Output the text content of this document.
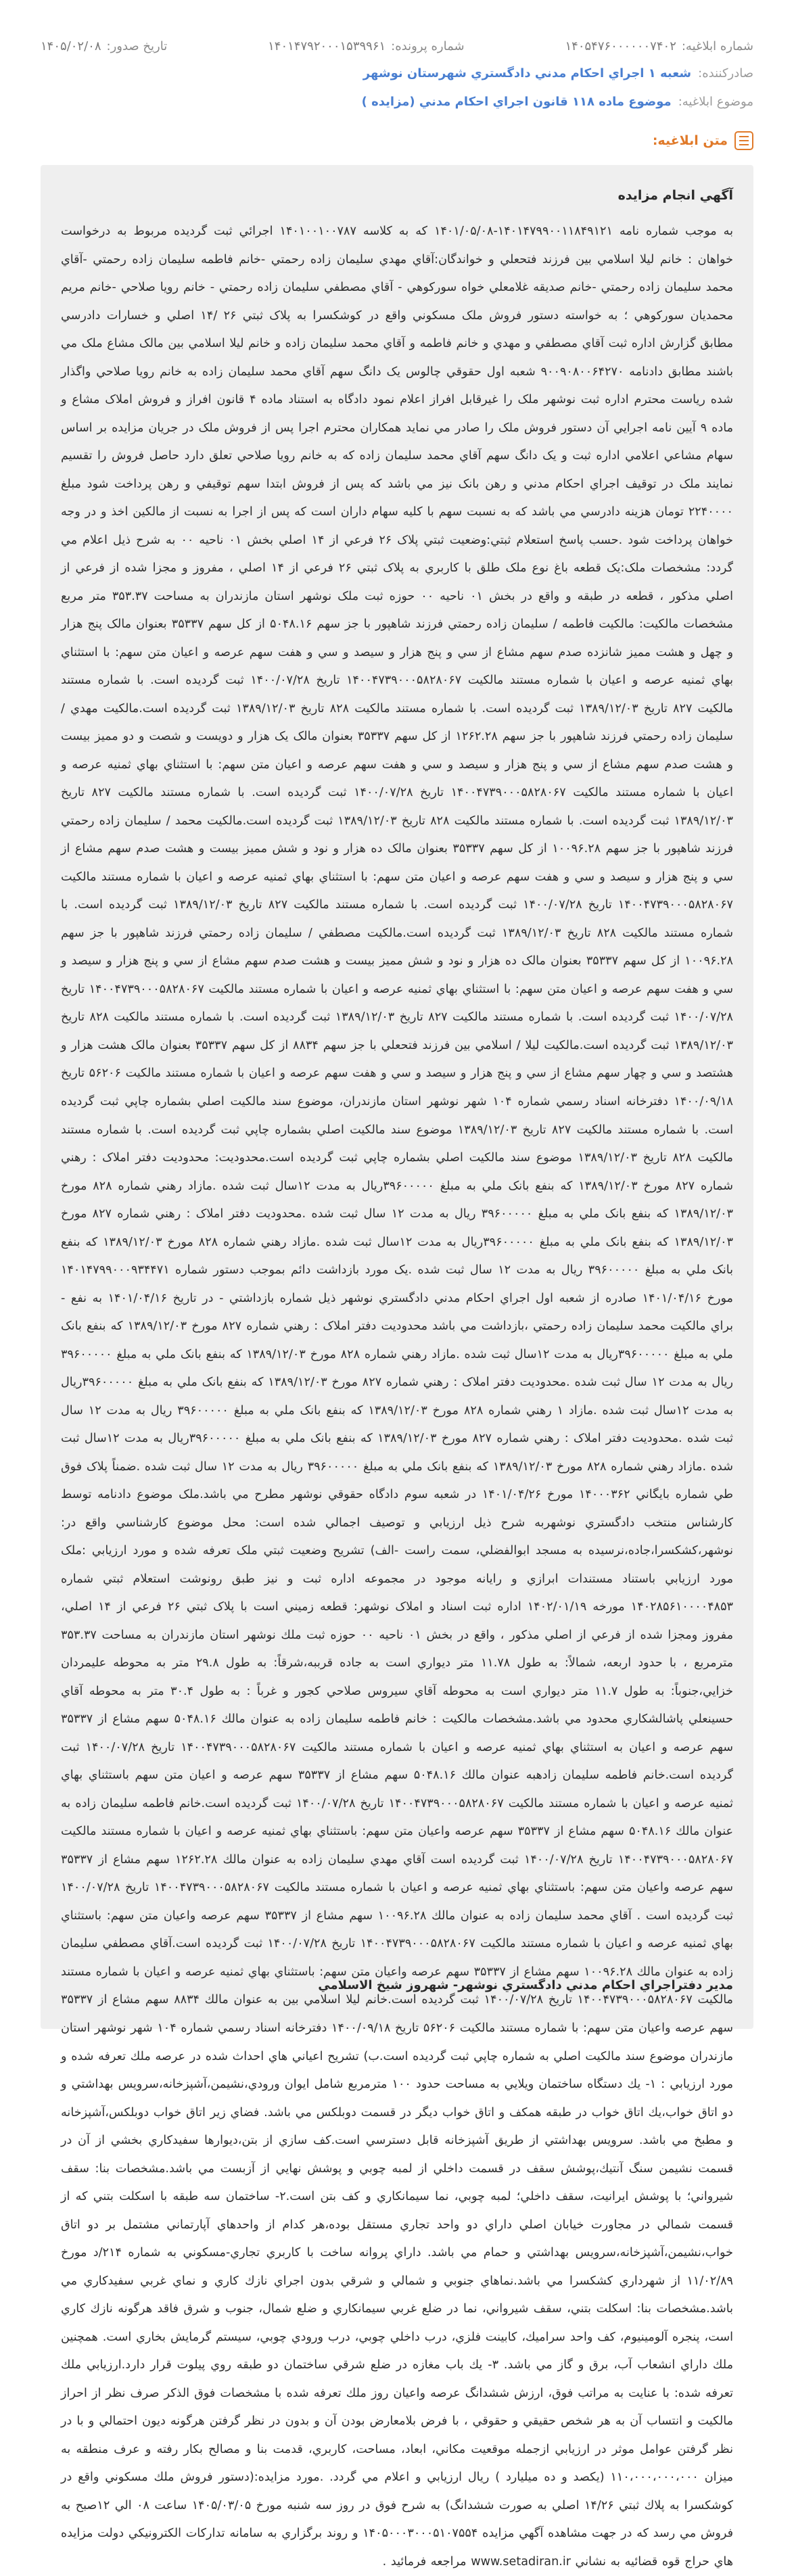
شماره ابلاغيه:
۱۴۰۵۴۷۶۰۰۰۰۰۰۷۴۰۲
شماره پرونده:
۱۴۰۱۴۷۹۲۰۰۰۱۵۳۹۹۶۱
تاريخ صدور:
۱۴۰۵/۰۲/۰۸
صادرکننده:
شعبه ۱ اجراي احكام مدني دادگستري شهرستان نوشهر
موضوع ابلاغيه:
موضوع ماده ۱۱۸ قانون اجراي احكام مدني (مزايده )
متن ابلاغيه:
آگهي انجام مزايده
به موجب شماره نامه ۱۴۰۱۴۷۹۹۰۰۱۱۸۴۹۱۲۱-۱۴۰۱/۰۵/۰۸ كه به كلاسه ۱۴۰۱۰۰۱۰۰۷۸۷ اجرائي ثبت گرديده مربوط به درخواست خواهان : خانم ليلا اسلامي بين فرزند فتحعلي و خواندگان:آقاي مهدي سليمان زاده رحمتي -خانم فاطمه سليمان زاده رحمتي -آقاي محمد سليمان زاده رحمتي -خانم صديقه غلامعلي خواه سورکوهي - آقاي مصطفي سليمان زاده رحمتي - خانم رويا صلاحي -خانم مريم محمديان سورکوهي ؛ به خواسته دستور فروش ملک مسکوني واقع در کوشکسرا به پلاک ثبتي ۲۶ /۱۴ اصلي و خسارات دادرسي مطابق گزارش اداره ثبت آقاي مصطفي و مهدي و خانم فاطمه و آقاي محمد سليمان زاده و خانم ليلا اسلامي بين مالک مشاع ملک مي باشند مطابق دادنامه ۹۰۰۹۰۸۰۰۶۴۲۷۰ شعبه اول حقوقي چالوس يک دانگ سهم آقاي محمد سليمان زاده به خانم رويا صلاحي واگذار شده رياست محترم اداره ثبت نوشهر ملک را غيرقابل افراز اعلام نمود دادگاه به استناد ماده ۴ قانون افراز و فروش املاک مشاع و ماده ۹ آيين نامه اجرايي آن دستور فروش ملک را صادر مي نمايد همکاران محترم اجرا پس از فروش ملک در جريان مزايده بر اساس سهام مشاعي اعلامي اداره ثبت و يک دانگ سهم آقاي محمد سليمان زاده که به خانم رويا صلاحي تعلق دارد حاصل فروش را تقسيم نمايند ملک در توقيف اجراي احکام مدني و رهن بانک نيز مي باشد که پس از فروش ابتدا سهم توقيفي و رهن پرداخت شود مبلغ ۲۲۴۰۰۰۰ تومان هزينه دادرسي مي باشد که به نسبت سهم با کليه سهام داران است که پس از اجرا به نسبت از مالکين اخذ و در وجه خواهان پرداخت شود .حسب پاسخ استعلام ثبتي:وضعيت ثبتي پلاک ۲۶ فرعي از ۱۴ اصلي بخش ۰۱ ناحيه ۰۰ به شرح ذيل اعلام مي گردد: مشخصات ملک:يک قطعه باغ نوع ملک طلق با کاربري به پلاک ثبتي ۲۶ فرعي از ۱۴ اصلي ، مفروز و مجزا شده از فرعي از اصلي مذکور ، قطعه در طبقه و واقع در بخش ۰۱ ناحيه ۰۰ حوزه ثبت ملک نوشهر استان مازندران به مساحت ۳۵۳.۳۷ متر مربع مشخصات مالکيت: مالکيت فاطمه / سليمان زاده رحمتي فرزند شاهپور با جز سهم ۵۰۴۸.۱۶ از کل سهم ۳۵۳۳۷ بعنوان مالک پنج هزار و چهل و هشت مميز شانزده صدم سهم مشاع از سي و پنج هزار و سيصد و سي و هفت سهم عرصه و اعيان متن سهم: با استثناي بهاي ثمنيه عرصه و اعيان با شماره مستند مالکيت ۱۴۰۰۴۷۳۹۰۰۰۵۸۲۸۰۶۷ تاريخ ۱۴۰۰/۰۷/۲۸ ثبت گرديده است. با شماره مستند مالکيت ۸۲۷ تاريخ ۱۳۸۹/۱۲/۰۳ ثبت گرديده است. با شماره مستند مالکيت ۸۲۸ تاريخ ۱۳۸۹/۱۲/۰۳ ثبت گرديده است.مالکيت مهدي / سليمان زاده رحمتي فرزند شاهپور با جز سهم ۱۲۶۲.۲۸ از کل سهم ۳۵۳۳۷ بعنوان مالک يک هزار و دويست و شصت و دو مميز بيست و هشت صدم سهم مشاع از سي و پنج هزار و سيصد و سي و هفت سهم عرصه و اعيان متن سهم: با استثناي بهاي ثمنيه عرصه و اعيان با شماره مستند مالکيت ۱۴۰۰۴۷۳۹۰۰۰۵۸۲۸۰۶۷ تاريخ ۱۴۰۰/۰۷/۲۸ ثبت گرديده است. با شماره مستند مالکيت ۸۲۷ تاريخ ۱۳۸۹/۱۲/۰۳ ثبت گرديده است. با شماره مستند مالکيت ۸۲۸ تاريخ ۱۳۸۹/۱۲/۰۳ ثبت گرديده است.مالکيت محمد / سليمان زاده رحمتي فرزند شاهپور با جز سهم ۱۰۰۹۶.۲۸ از کل سهم ۳۵۳۳۷ بعنوان مالک ده هزار و نود و شش مميز بيست و هشت صدم سهم مشاع از سي و پنج هزار و سيصد و سي و هفت سهم عرصه و اعيان متن سهم: با استثناي بهاي ثمنيه عرصه و اعيان با شماره مستند مالکيت ۱۴۰۰۴۷۳۹۰۰۰۵۸۲۸۰۶۷ تاريخ ۱۴۰۰/۰۷/۲۸ ثبت گرديده است. با شماره مستند مالکيت ۸۲۷ تاريخ ۱۳۸۹/۱۲/۰۳ ثبت گرديده است. با شماره مستند مالکيت ۸۲۸ تاريخ ۱۳۸۹/۱۲/۰۳ ثبت گرديده است.مالکيت مصطفي / سليمان زاده رحمتي فرزند شاهپور با جز سهم ۱۰۰۹۶.۲۸ از کل سهم ۳۵۳۳۷ بعنوان مالک ده هزار و نود و شش مميز بيست و هشت صدم سهم مشاع از سي و پنج هزار و سيصد و سي و هفت سهم عرصه و اعيان متن سهم: با استثناي بهاي ثمنيه عرصه و اعيان با شماره مستند مالکيت ۱۴۰۰۴۷۳۹۰۰۰۵۸۲۸۰۶۷ تاريخ ۱۴۰۰/۰۷/۲۸ ثبت گرديده است. با شماره مستند مالکيت ۸۲۷ تاريخ ۱۳۸۹/۱۲/۰۳ ثبت گرديده است. با شماره مستند مالکيت ۸۲۸ تاريخ ۱۳۸۹/۱۲/۰۳ ثبت گرديده است.مالکيت ليلا / اسلامي بين فرزند فتحعلي با جز سهم ۸۸۳۴ از کل سهم ۳۵۳۳۷ بعنوان مالک هشت هزار و هشتصد و سي و چهار سهم مشاع از سي و پنج هزار و سيصد و سي و هفت سهم عرصه و اعيان با شماره مستند مالکيت ۵۶۲۰۶ تاريخ ۱۴۰۰/۰۹/۱۸ دفترخانه اسناد رسمي شماره ۱۰۴ شهر نوشهر استان مازندران، موضوع سند مالکيت اصلي بشماره چاپي ثبت گرديده است. با شماره مستند مالکيت ۸۲۷ تاريخ ۱۳۸۹/۱۲/۰۳ موضوع سند مالکيت اصلي بشماره چاپي ثبت گرديده است. با شماره مستند مالکيت ۸۲۸ تاريخ ۱۳۸۹/۱۲/۰۳ موضوع سند مالکيت اصلي بشماره چاپي ثبت گرديده است.محدوديت: محدوديت دفتر املاک : رهني شماره ۸۲۷ مورخ ۱۳۸۹/۱۲/۰۳ که بنفع بانک ملي به مبلغ ۳۹۶۰۰۰۰۰ريال به مدت ۱۲سال ثبت شده .مازاد رهني شماره ۸۲۸ مورخ ۱۳۸۹/۱۲/۰۳ که بنفع بانک ملي به مبلغ ۳۹۶۰۰۰۰۰ ريال به مدت ۱۲ سال ثبت شده .محدوديت دفتر املاک : رهني شماره ۸۲۷ مورخ ۱۳۸۹/۱۲/۰۳ که بنفع بانک ملي به مبلغ ۳۹۶۰۰۰۰۰ريال به مدت ۱۲سال ثبت شده .مازاد رهني شماره ۸۲۸ مورخ ۱۳۸۹/۱۲/۰۳ که بنفع بانک ملي به مبلغ ۳۹۶۰۰۰۰۰ ريال به مدت ۱۲ سال ثبت شده .يک مورد بازداشت دائم بموجب دستور شماره ۱۴۰۱۴۷۹۹۰۰۰۹۳۴۴۷۱ مورخ ۱۴۰۱/۰۴/۱۶ صادره از شعبه اول اجراي احکام مدني دادگستري نوشهر ذيل شماره بازداشتي - در تاريخ ۱۴۰۱/۰۴/۱۶ به نفع - براي مالکيت محمد سليمان زاده رحمتي ،بازداشت مي باشد محدوديت دفتر املاک : رهني شماره ۸۲۷ مورخ ۱۳۸۹/۱۲/۰۳ که بنفع بانک ملي به مبلغ ۳۹۶۰۰۰۰۰ريال به مدت ۱۲سال ثبت شده .مازاد رهني شماره ۸۲۸ مورخ ۱۳۸۹/۱۲/۰۳ که بنفع بانک ملي به مبلغ ۳۹۶۰۰۰۰۰ ريال به مدت ۱۲ سال ثبت شده .محدوديت دفتر املاک : رهني شماره ۸۲۷ مورخ ۱۳۸۹/۱۲/۰۳ که بنفع بانک ملي به مبلغ ۳۹۶۰۰۰۰۰ريال به مدت ۱۲سال ثبت شده .مازاد ۱ رهني شماره ۸۲۸ مورخ ۱۳۸۹/۱۲/۰۳ که بنفع بانک ملي به مبلغ ۳۹۶۰۰۰۰۰ ريال به مدت ۱۲ سال ثبت شده .محدوديت دفتر املاک : رهني شماره ۸۲۷ مورخ ۱۳۸۹/۱۲/۰۳ که بنفع بانک ملي به مبلغ ۳۹۶۰۰۰۰۰ريال به مدت ۱۲سال ثبت شده .مازاد رهني شماره ۸۲۸ مورخ ۱۳۸۹/۱۲/۰۳ که بنفع بانک ملي به مبلغ ۳۹۶۰۰۰۰۰ ريال به مدت ۱۲ سال ثبت شده .ضمناً پلاک فوق طي شماره بايگاني ۱۴۰۰۰۳۶۲ مورخ ۱۴۰۱/۰۴/۲۶ در شعبه سوم دادگاه حقوقي نوشهر مطرح مي باشد.ملک موضوع دادنامه توسط کارشناس منتخب دادگستري نوشهربه شرح ذيل ارزيابي و توصيف اجمالي شده است: محل موضوع کارشناسي واقع در: نوشهر،کشکسرا،جاده،نرسيده به مسجد ابوالفضلي، سمت راست -الف) تشريح وضعيت ثبتي ملک تعرفه شده و مورد ارزيابي :ملک مورد ارزيابي باستناد مستندات ابرازي و رايانه موجود در مجموعه اداره ثبت و نيز طبق رونوشت استعلام ثبتي شماره ۱۴۰۲۸۵۶۱۰۰۰۰۴۸۵۳ مورخه ۱۴۰۲/۰۱/۱۹ اداره ثبت اسناد و املاک نوشهر: قطعه زميني است با پلاک ثبتي ۲۶ فرعي از ۱۴ اصلي، مفروز ومجزا شده از فرعي از اصلي مذكور ، واقع در بخش ۰۱ ناحيه ۰۰ حوزه ثبت ملك نوشهر استان مازندران به مساحت ۳۵۳.۳۷ مترمربع ، با حدود اربعه، شمالاً: به طول ۱۱.۷۸ متر ديواري است به جاده قرببه،شرقاً: به طول ۲۹.۸ متر به محوطه عليمردان خزايي،جنوباً: به طول ۱۱.۷ متر ديواري است به محوطه آقاي سيروس صلاحي كجور و غرباً : به طول ۳۰.۴ متر به محوطه آقاي حسينعلي پاشالشكاري محدود مي باشد.مشخصات مالكيت : خانم فاطمه سليمان زاده به عنوان مالك ۵۰۴۸.۱۶ سهم مشاع از ۳۵۳۳۷ سهم عرصه و اعيان به استثناي بهاي ثمنيه عرصه و اعيان با شماره مستند مالكيت ۱۴۰۰۴۷۳۹۰۰۰۵۸۲۸۰۶۷ تاريخ ۱۴۰۰/۰۷/۲۸ ثبت گرديده است.خانم فاطمه سليمان زادهبه عنوان مالك ۵۰۴۸.۱۶ سهم مشاع از ۳۵۳۳۷ سهم عرصه و اعيان متن سهم باستثناي بهاي ثمنيه عرصه و اعيان با شماره مستند مالكيت ۱۴۰۰۴۷۳۹۰۰۰۵۸۲۸۰۶۷ تاريخ ۱۴۰۰/۰۷/۲۸ ثبت گرديده است.خانم فاطمه سليمان زاده به عنوان مالك ۵۰۴۸.۱۶ سهم مشاع از ۳۵۳۳۷ سهم عرصه واعيان متن سهم: باستثناي بهاي ثمنيه عرصه و اعيان با شماره مستند مالكيت ۱۴۰۰۴۷۳۹۰۰۰۵۸۲۸۰۶۷ تاريخ ۱۴۰۰/۰۷/۲۸ ثبت گرديده است آقاي مهدي سليمان زاده به عنوان مالك ۱۲۶۲.۲۸ سهم مشاع از ۳۵۳۳۷ سهم عرصه واعيان متن سهم: باستثناي بهاي ثمنيه عرصه و اعيان با شماره مستند مالكيت ۱۴۰۰۴۷۳۹۰۰۰۵۸۲۸۰۶۷ تاريخ ۱۴۰۰/۰۷/۲۸ ثبت گرديده است . آقاي محمد سليمان زاده به عنوان مالك ۱۰۰۹۶.۲۸ سهم مشاع از ۳۵۳۳۷ سهم عرصه واعيان متن سهم: باستثناي بهاي ثمنيه عرصه و اعيان با شماره مستند مالكيت ۱۴۰۰۴۷۳۹۰۰۰۵۸۲۸۰۶۷ تاريخ ۱۴۰۰/۰۷/۲۸ ثبت گرديده است.آقاي مصطفي سليمان زاده به عنوان مالك ۱۰۰۹۶.۲۸ سهم مشاع از ۳۵۳۳۷ سهم عرصه واعيان متن سهم: باستثناي بهاي ثمنيه عرصه و اعيان با شماره مستند مالكيت ۱۴۰۰۴۷۳۹۰۰۰۵۸۲۸۰۶۷ تاريخ ۱۴۰۰/۰۷/۲۸ ثبت گرديده است.خانم ليلا اسلامي بين به عنوان مالك ۸۸۳۴ سهم مشاع از ۳۵۳۳۷ سهم عرصه واعيان متن سهم: با شماره مستند مالكيت ۵۶۲۰۶ تاريخ ۱۴۰۰/۰۹/۱۸ دفترخانه اسناد رسمي شماره ۱۰۴ شهر نوشهر استان مازندران موضوع سند مالكيت اصلي به شماره چاپي ثبت گرديده است.ب) تشريح اعياني هاي احداث شده در عرصه ملك تعرفه شده و مورد ارزيابي : ۱- يك دستگاه ساختمان ويلايي به مساحت حدود ۱۰۰ مترمربع شامل ايوان ورودي،نشيمن،آشپزخانه،سرويس بهداشتي و دو اتاق خواب،يك اتاق خواب در طبقه همكف و اتاق خواب ديگر در قسمت دوبلكس مي باشد. فضاي زير اتاق خواب دوبلكس،آشپزخانه و مطبخ مي باشد. سرويس بهداشتي از طريق آشپزخانه قابل دسترسي است.كف سازي از بتن،ديوارها سفيدكاري بخشي از آن در قسمت نشيمن سنگ آنتيك،پوشش سقف در قسمت داخلي از لمبه چوبي و پوشش نهايي از آزبست مي باشد.مشخصات بنا: سقف شيرواني؛ با پوشش ايرانيت، سقف داخلي؛ لمبه چوبي، نما سيمانكاري و كف بتن است.۲- ساختمان سه طبقه با اسكلت بتني كه از قسمت شمالي در مجاورت خيابان اصلي داراي دو واحد تجاري مستقل بوده،هر كدام از واحدهاي آپارتماني مشتمل بر دو اتاق خواب،نشيمن،آشپزخانه،سرويس بهداشتي و حمام مي باشد. داراي پروانه ساخت با كاربري تجاري-مسكوني به شماره ۲۱۴/د مورخ ۱۱/۰۲/۸۹ از شهرداري كشكسرا مي باشد.نماهاي جنوبي و شمالي و شرقي بدون اجراي نازك كاري و نماي غربي سفيدكاري مي باشد.مشخصات بنا: اسكلت بتني، سقف شيرواني، نما در ضلع غربي سيمانكاري و ضلع شمال، جنوب و شرق فاقد هرگونه نازك كاري است، پنجره آلومينيوم، كف واحد سراميك، كابينت فلزي، درب داخلي چوبي، درب ورودي چوبي، سيستم گرمايش بخاري است. همچنين ملك داراي انشعاب آب، برق و گاز مي باشد. ۳- يك باب مغازه در ضلع شرقي ساختمان دو طبقه روي پيلوت قرار دارد.ارزيابي ملك تعرفه شده: با عنايت به مراتب فوق، ارزش ششدانگ عرصه واعيان روز ملك تعرفه شده با مشخصات فوق الذكر صرف نظر از احراز مالكيت و انتساب آن به هر شخص حقيقي و حقوقي ، با فرض بلامعارض بودن آن و بدون در نظر گرفتن هرگونه ديون احتمالي و با در نظر گرفتن عوامل موثر در ارزيابي ازجمله موقعيت مكاني، ابعاد، مساحت، كاربري، قدمت بنا و مصالح بكار رفته و عرف منطقه به ميزان ۱۱۰،۰۰۰،۰۰۰،۰۰۰ (يكصد و ده ميليارد ) ريال ارزيابي و اعلام مي گردد. .مورد مزايده:(دستور فروش ملك مسكوني واقع در كوشكسرا به پلاك ثبتي ۱۴/۲۶ اصلي به صورت ششدانگ) به شرح فوق در روز سه شنبه مورخ ۱۴۰۵/۰۳/۰۵ ساعت ۰۸ الي ۱۲صبح به فروش مي رسد كه در جهت مشاهده آگهي مزايده ۱۴۰۵۰۰۰۳۰۰۰۵۱۰۷۵۵۴ و روند برگزاري به سامانه تداركات الكترونيكي دولت مزايده هاي حراج قوه قضائيه به نشاني www.setadiran.ir مراجعه فرمائيد .
مدير دفتراجراي احکام مدني دادگستري نوشهر- شهروز شيخ الاسلامي
